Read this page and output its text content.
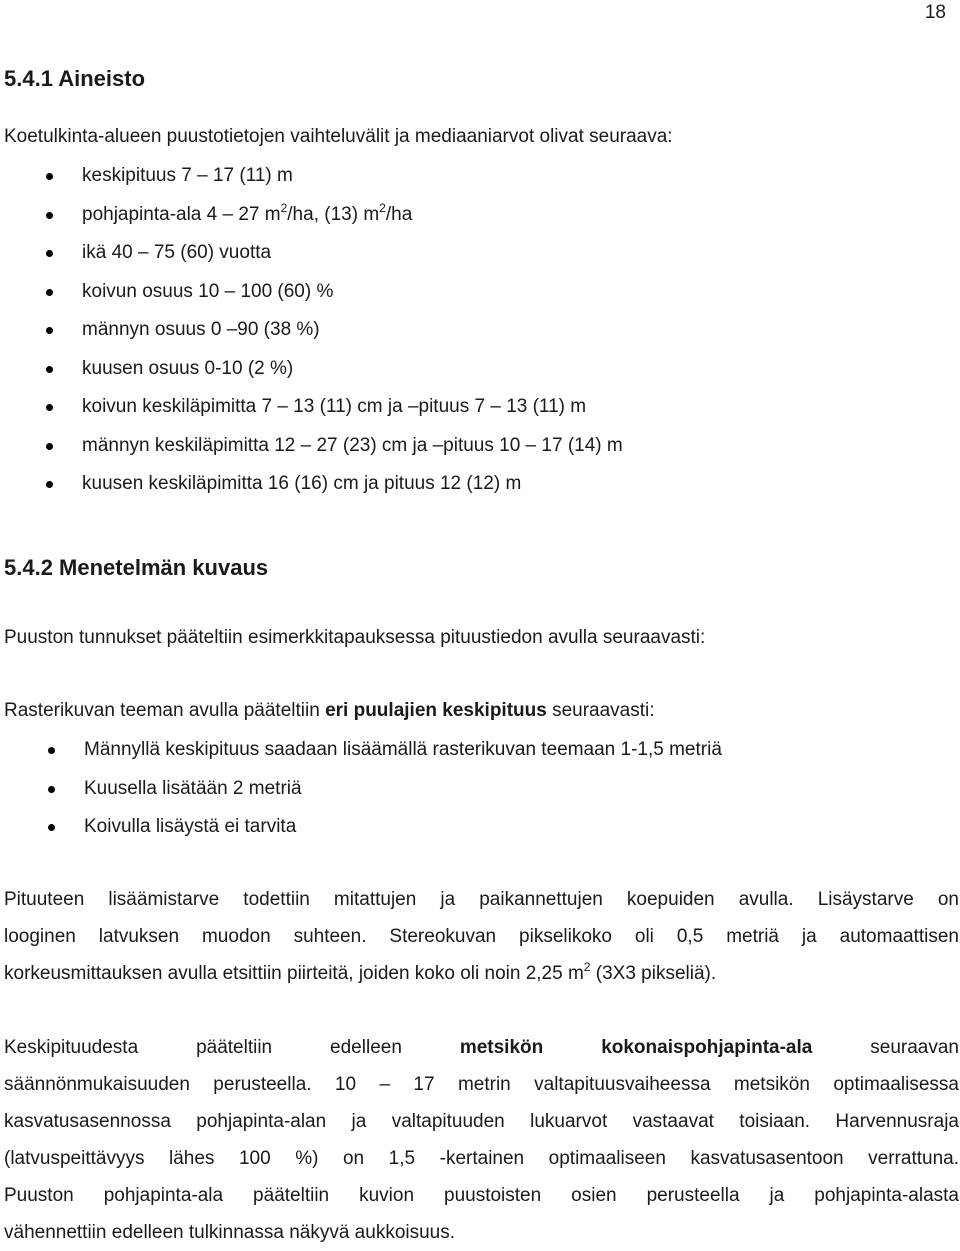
18
5.4.1 Aineisto

Koetulkinta-alueen puustotietojen vaihteluvälit ja mediaaniarvot olivat seuraava:

keskipituus 7 – 17 (11) m
pohjapinta-ala 4 – 27 $m^2/ha$, (13) $m^2/ha$
ikä 40 – 75 (60) vuotta
koivun osuus 10 – 100 (60) %
männyn osuus 0 –90 (38 %)
kuusen osuus 0-10 (2 %)
koivun keskiläpimitta 7 – 13 (11) cm ja –pituus 7 – 13 (11) m
männyn keskiläpimitta 12 – 27 (23) cm ja –pituus 10 – 17 (14) m
kuusen keskiläpimitta 16 (16) cm ja pituus 12 (12) m
5.4.2 Menetelmän kuvaus

Puuston tunnukset pääteltiin esimerkkitapauksessa pituustiedon avulla seuraavasti:

Rasterikuvan teeman avulla pääteltiin eri puulajien keskipituus seuraavasti:

Männyllä keskipituus saadaan lisäämällä rasterikuvan teemaan 1-1,5 metriä
Kuusella lisätään 2 metriä
Koivulla lisäystä ei tarvita
Pituuteen lisäämistarve todettiin mitattujen ja paikannettujen koepuiden avulla. Lisäystarve on
looginen latvuksen muodon suhteen. Stereokuvan pikselikoko oli 0,5 metriä ja automaattisen
korkeusmittauksen avulla etsittiin piirteitä, joiden koko oli noin 2,25 $m^2$ (3X3 pikseliä).
Keskipituudesta pääteltiin edelleen metsikön	kokonaispohjapinta-ala seuraavan
säännönmukaisuuden perusteella. 10 – 17 metrin valtapituusvaiheessa metsikön optimaalisessa
kasvatusasennossa pohjapinta-alan ja valtapituuden lukuarvot vastaavat toisiaan. Harvennusraja
(latvuspeittävyys lähes 100 %) on 1,5 -kertainen optimaaliseen kasvatusasentoon verrattuna.
Puuston pohjapinta-ala pääteltiin kuvion puustoisten osien perusteella ja pohjapinta-alasta
vähennettiin edelleen tulkinnassa näkyvä aukkoisuus.
